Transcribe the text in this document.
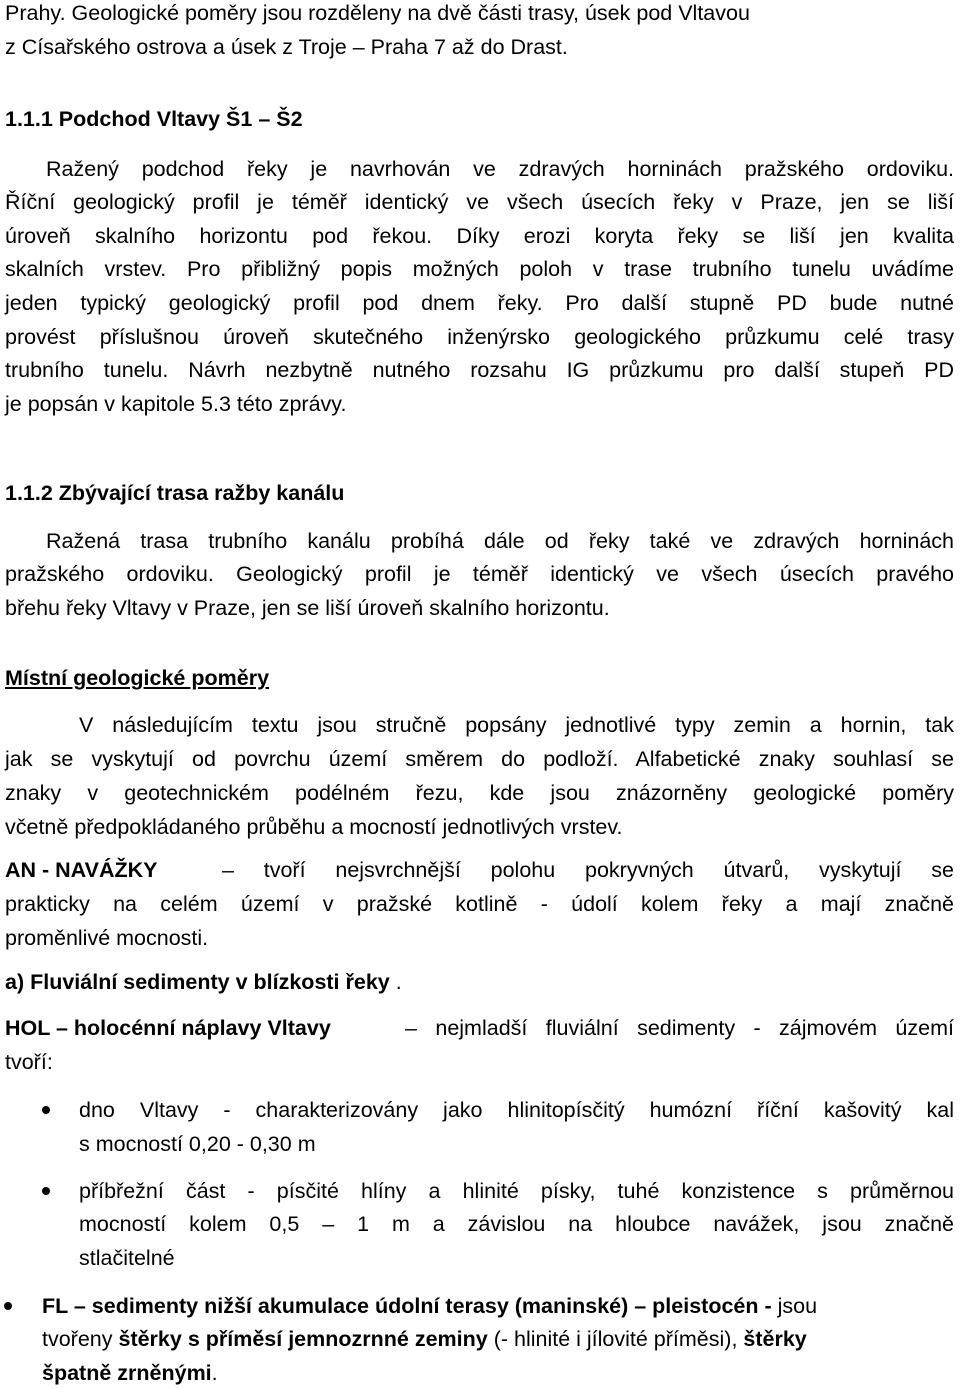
Prahy. Geologické poměry jsou rozděleny na dvě části trasy, úsek pod Vltavou
z Císařského ostrova a úsek z Troje – Praha 7 až do Drast.
1.1.1 Podchod Vltavy Š1 – Š2
Ražený podchod řeky je navrhován ve zdravých horninách pražského ordoviku.
Říční geologický profil je téměř identický ve všech úsecích řeky v Praze, jen se liší
úroveň skalního horizontu pod řekou. Díky erozi koryta řeky se liší jen kvalita
skalních vrstev. Pro přibližný popis možných poloh v trase trubního tunelu uvádíme
jeden typický geologický profil pod dnem řeky. Pro další stupně PD bude nutné
provést příslušnou úroveň skutečného inženýrsko geologického průzkumu celé trasy
trubního tunelu. Návrh nezbytně nutného rozsahu IG průzkumu pro další stupeň PD
je popsán v kapitole 5.3 této zprávy.
1.1.2 Zbývající trasa ražby kanálu
Ražená trasa trubního kanálu probíhá dále od řeky také ve zdravých horninách
pražského ordoviku. Geologický profil je téměř identický ve všech úsecích pravého
břehu řeky Vltavy v Praze, jen se liší úroveň skalního horizontu.
Místní geologické poměry
V následujícím textu jsou stručně popsány jednotlivé typy zemin a hornin, tak
jak se vyskytují od povrchu území směrem do podloží. Alfabetické znaky souhlasí se
znaky v geotechnickém podélném řezu, kde jsou znázorněny geologické poměry
včetně předpokládaného průběhu a mocností jednotlivých vrstev.
AN - NAVÁŽKY	– tvoří nejsvrchnější polohu pokryvných útvarů, vyskytují se
prakticky na celém území v pražské kotlině - údolí kolem řeky a mají značně
proměnlivé mocnosti.
a) Fluviální sedimenty v blízkosti řeky .
HOL – holocénní náplavy Vltavy	– nejmladší fluviální sedimenty - zájmovém území
tvoří:
dno Vltavy - charakterizovány jako hlinitopísčitý humózní říční kašovitý kal
s mocností 0,20 - 0,30 m
příbřežní část - písčité hlíny a hlinité písky, tuhé konzistence s průměrnou
mocností kolem 0,5 – 1 m a závislou na hloubce navážek, jsou značně
stlačitelné
FL – sedimenty nižší akumulace údolní terasy (maninské) – pleistocén - jsou
tvořeny štěrky s příměsí jemnozrnné zeminy (- hlinité i jílovité příměsi), štěrky
špatně zrněnými.
